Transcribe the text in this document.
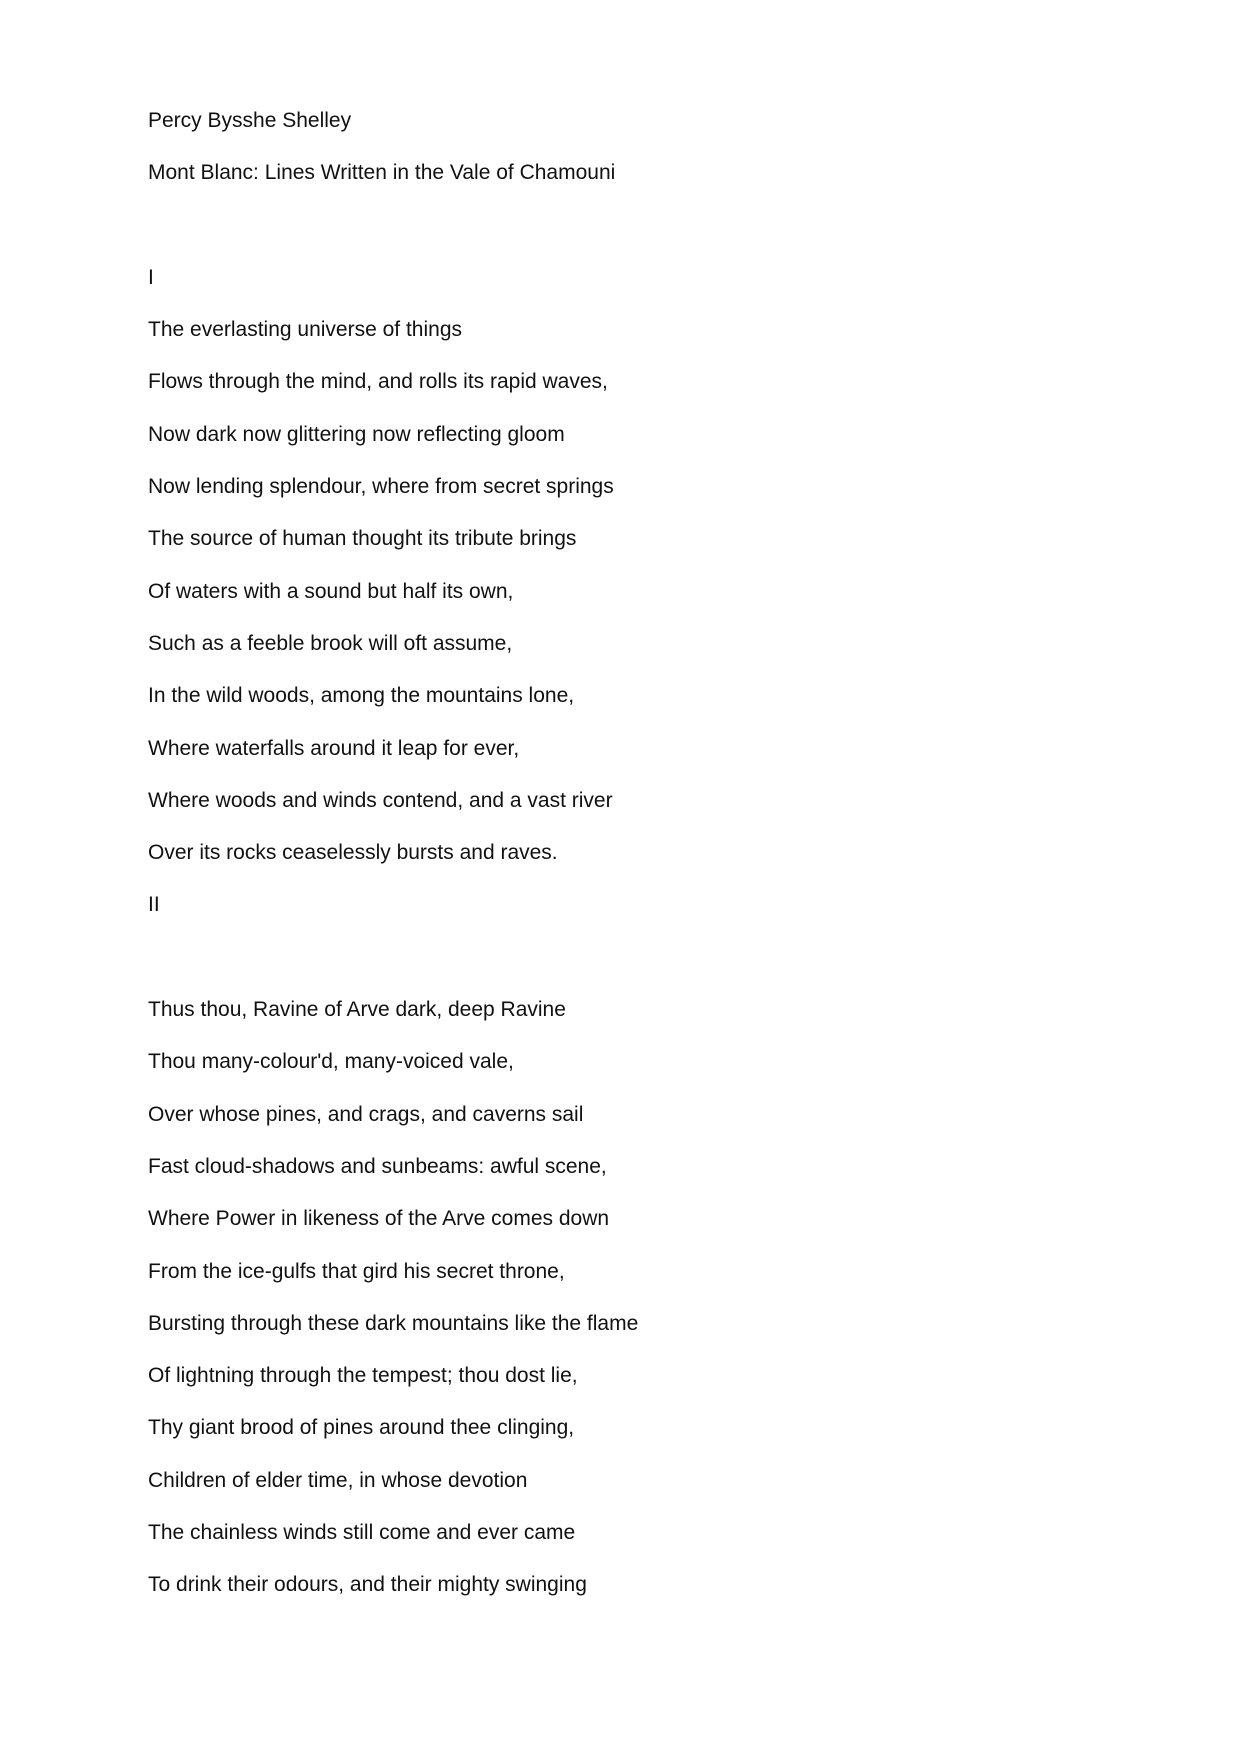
Percy Bysshe Shelley
Mont Blanc: Lines Written in the Vale of Chamouni
I
The everlasting universe of things
Flows through the mind, and rolls its rapid waves,
Now dark now glittering now reflecting gloom
Now lending splendour, where from secret springs
The source of human thought its tribute brings
Of waters with a sound but half its own,
Such as a feeble brook will oft assume,
In the wild woods, among the mountains lone,
Where waterfalls around it leap for ever,
Where woods and winds contend, and a vast river
Over its rocks ceaselessly bursts and raves.
II
Thus thou, Ravine of Arve dark, deep Ravine
Thou many-colour'd, many-voiced vale,
Over whose pines, and crags, and caverns sail
Fast cloud-shadows and sunbeams: awful scene,
Where Power in likeness of the Arve comes down
From the ice-gulfs that gird his secret throne,
Bursting through these dark mountains like the flame
Of lightning through the tempest; thou dost lie,
Thy giant brood of pines around thee clinging,
Children of elder time, in whose devotion
The chainless winds still come and ever came
To drink their odours, and their mighty swinging
